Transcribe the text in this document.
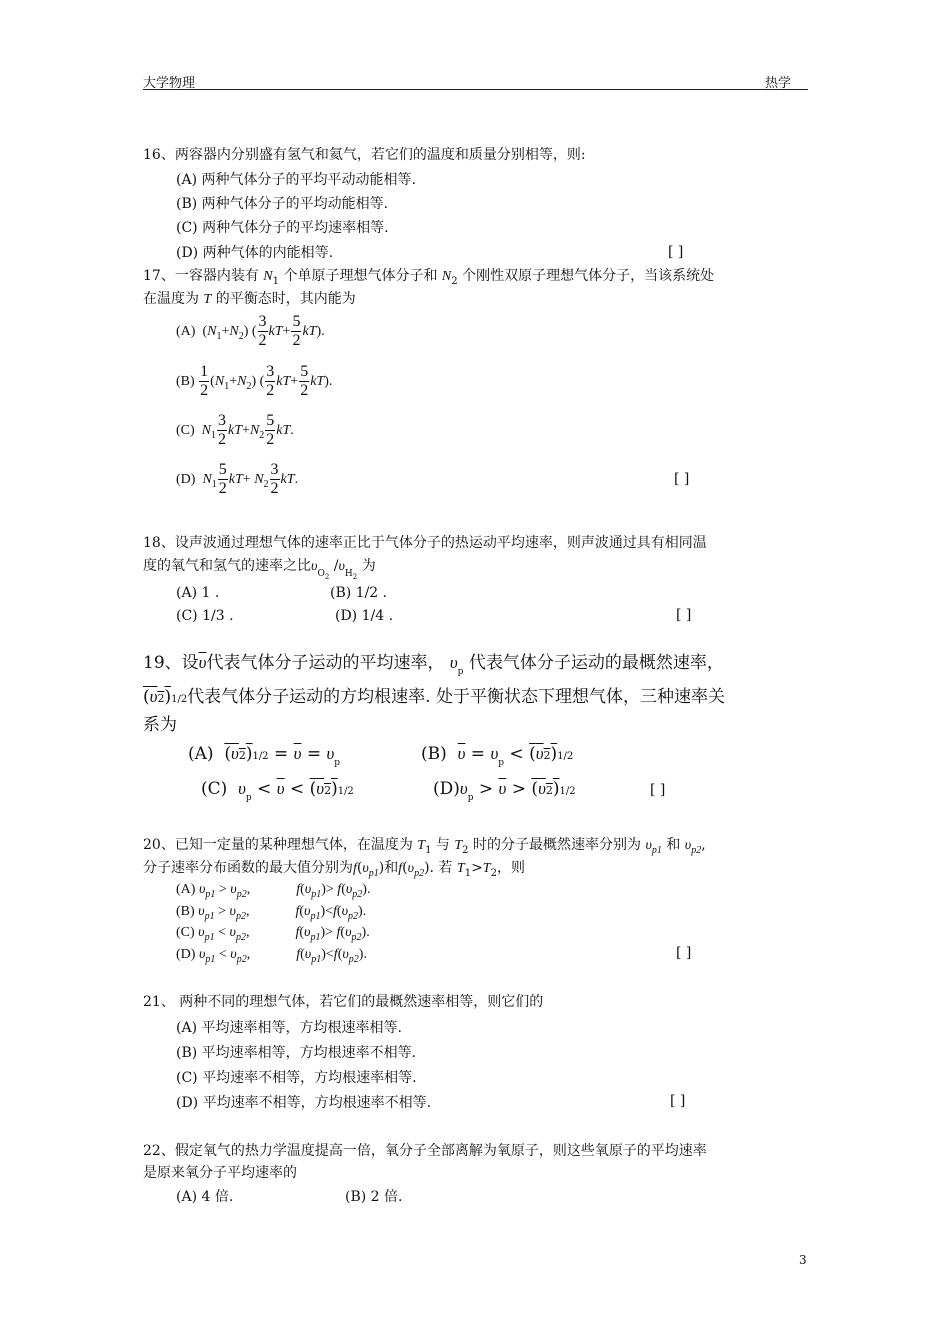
大学物理	热学
16、两容器内分别盛有氢气和氦气，若它们的温度和质量分别相等，则:
(A) 两种气体分子的平均平动动能相等.
(B) 两种气体分子的平均动能相等.
(C) 两种气体分子的平均速率相等.
(D) 两种气体的内能相等.	[ ]
17、一容器内装有 $N_1$ 个单原子理想气体分子和 $N_2$ 个刚性双原子理想气体分子，当该系统处
在温度为 T 的平衡态时，其内能为
(A)  $(N_1+N_2)$ ( $\frac{3}{2} kT+ \frac{5}{2} kT$).
$(B) \frac{1}{2} (N_1+N_2)$ ( $\frac{3}{2} kT+ \frac{5}{2} kT$).
(C) $N_1 \frac{3}{2} kT+N_2 \frac{5}{2}$ kT.
(D) $N_1 \frac{5}{2} kT+ N_2 \frac{3}{2}$ kT.	[ ]
18、设声波通过理想气体的速率正比于气体分子的热运动平均速率，则声波通过具有相同温
度的氧气和氢气的速率之比$\upsilon_{O2}$ $/\upsilon_{H2}$ 为
(A) 1 .	(B) 1/2 .
(C) 1/3 .	(D) 1/4 .	[ ]
19、设$\overline{\upsilon}$代表气体分子运动的平均速率， $\upsilon_p$ 代表气体分子运动的最概然速率，
(υ2)1/2代表气体分子运动的方均根速率. 处于平衡状态下理想气体，三种速率关
系为
(A) $(\upsilon 2)1/2 = \overline{\upsilon} = \upsilon_p$	(B) $\overline{\upsilon} = \upsilon_p < (\upsilon 2)1/2$
(C) $\upsilon_p < \overline{\upsilon} < (\upsilon 2)1/2$	$(D)\upsilon_p > \overline{\upsilon} > (\upsilon 2)1/2$	[ ]
20、已知一定量的某种理想气体，在温度为 $T_1$ 与 $T_2$ 时的分子最概然速率分别为 $\upsilon_{p1}$ 和 $\upsilon_{p2}$,
分子速率分布函数的最大值分别为$f(\upsilon_{p1})$和$f(\upsilon_{p2})$. 若 $T_1>T_2$，则
(A) $\upsilon_{p1} > \upsilon_{p2}$,	$f(\upsilon_{p1})> f(\upsilon_{p2})$.
(B) $\upsilon_{p1} > \upsilon_{p2}$,	$f(\upsilon_{p1})<f(\upsilon_{p2})$.
(C) $\upsilon_{p1} < \upsilon_{p2}$,	$f(\upsilon_{p1})> f(\upsilon_{p2})$.
(D) $\upsilon_{p1} < \upsilon_{p2}$,	$f(\upsilon_{p1})<f(\upsilon_{p2})$.	[ ]
21、 两种不同的理想气体，若它们的最概然速率相等，则它们的
(A) 平均速率相等，方均根速率相等.
(B) 平均速率相等，方均根速率不相等.
(C) 平均速率不相等，方均根速率相等.
(D) 平均速率不相等，方均根速率不相等.	[ ]
22、假定氧气的热力学温度提高一倍，氧分子全部离解为氧原子，则这些氧原子的平均速率
是原来氧分子平均速率的
(A) 4 倍.	(B) 2 倍.
3
